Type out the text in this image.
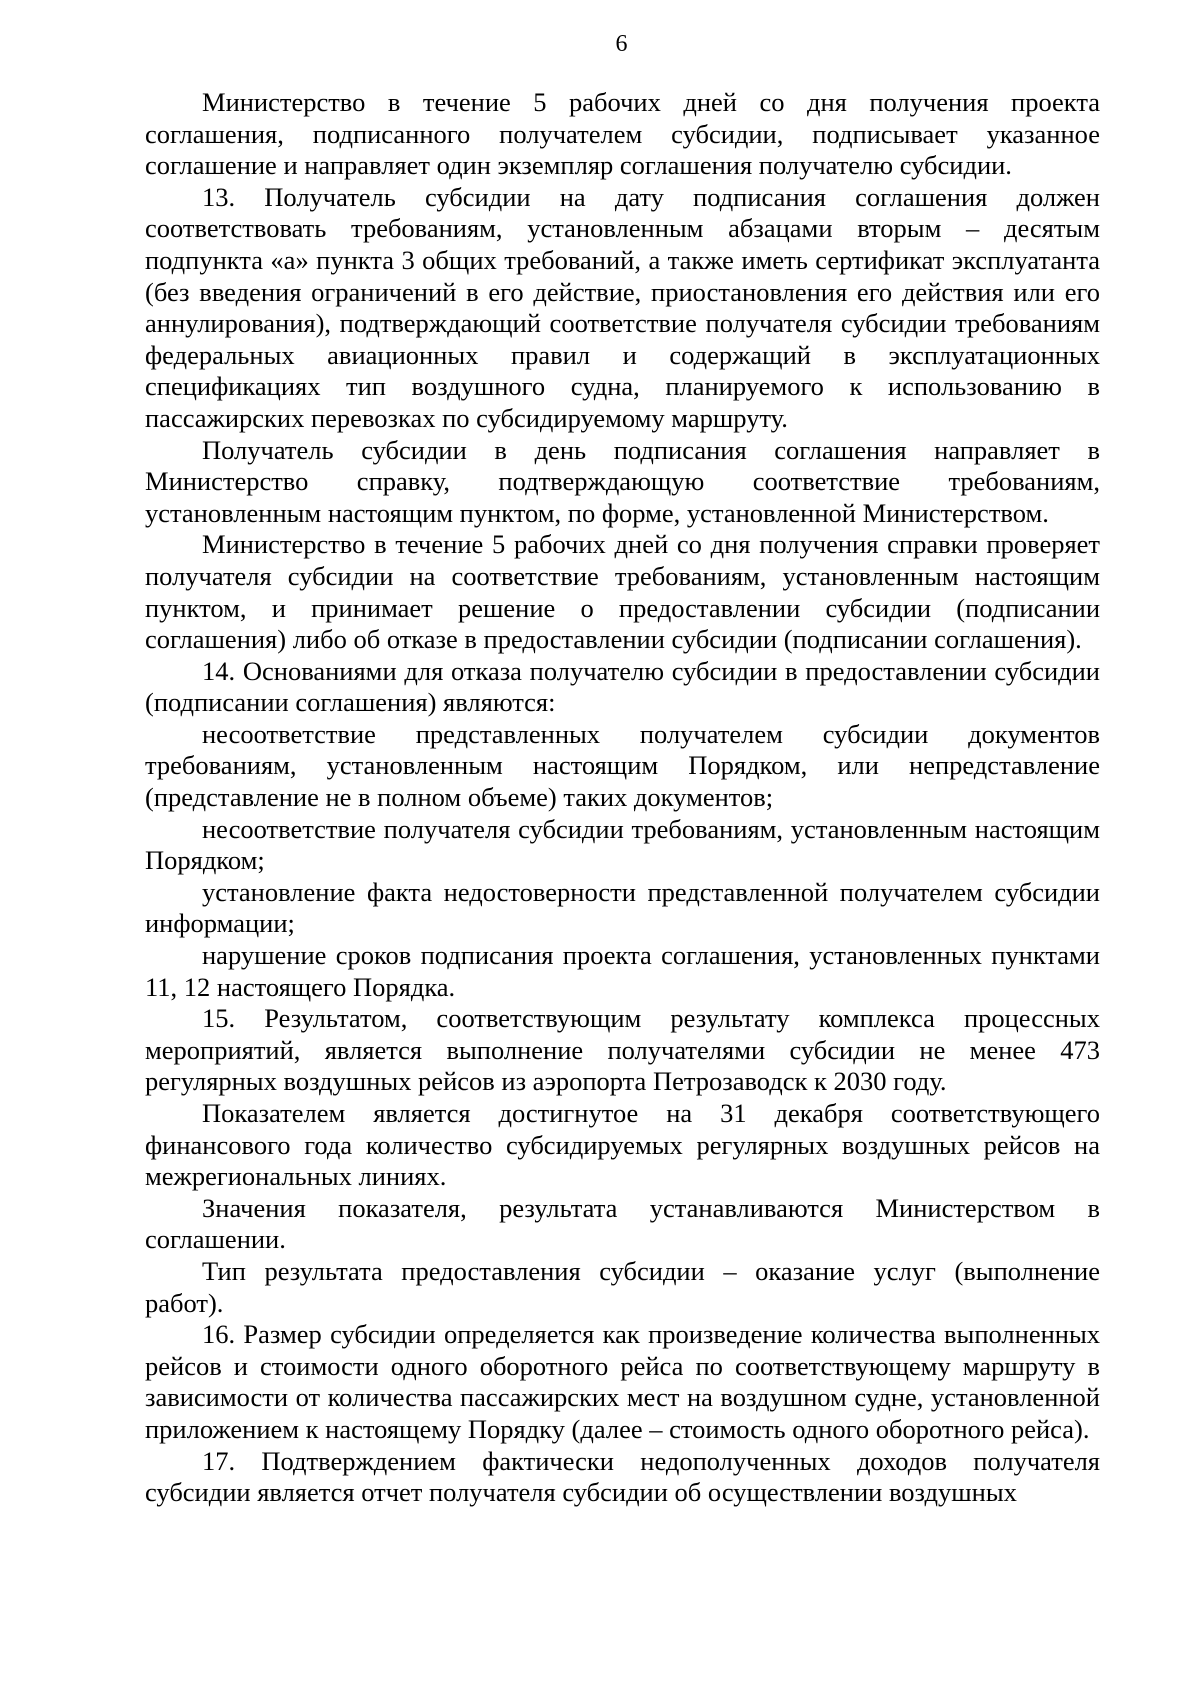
6

Министерство в течение 5 рабочих дней со дня получения проекта соглашения, подписанного получателем субсидии, подписывает указанное соглашение и направляет один экземпляр соглашения получателю субсидии.

13. Получатель субсидии на дату подписания соглашения должен соответствовать требованиям, установленным абзацами вторым – десятым подпункта «а» пункта 3 общих требований, а также иметь сертификат эксплуатанта (без введения ограничений в его действие, приостановления его действия или его аннулирования), подтверждающий соответствие получателя субсидии требованиям федеральных авиационных правил и содержащий в эксплуатационных спецификациях тип воздушного судна, планируемого к использованию в пассажирских перевозках по субсидируемому маршруту.

Получатель субсидии в день подписания соглашения направляет в Министерство справку, подтверждающую соответствие требованиям, установленным настоящим пунктом, по форме, установленной Министерством.

Министерство в течение 5 рабочих дней со дня получения справки проверяет получателя субсидии на соответствие требованиям, установленным настоящим пунктом, и принимает решение о предоставлении субсидии (подписании соглашения) либо об отказе в предоставлении субсидии (подписании соглашения).

14. Основаниями для отказа получателю субсидии в предоставлении субсидии (подписании соглашения) являются:

несоответствие представленных получателем субсидии документов требованиям, установленным настоящим Порядком, или непредставление (представление не в полном объеме) таких документов;

несоответствие получателя субсидии требованиям, установленным настоящим Порядком;

установление факта недостоверности представленной получателем субсидии информации;

нарушение сроков подписания проекта соглашения, установленных пунктами 11, 12 настоящего Порядка.

15. Результатом, соответствующим результату комплекса процессных мероприятий, является выполнение получателями субсидии не менее 473 регулярных воздушных рейсов из аэропорта Петрозаводск к 2030 году.

Показателем является достигнутое на 31 декабря соответствующего финансового года количество субсидируемых регулярных воздушных рейсов на межрегиональных линиях.

Значения показателя, результата устанавливаются Министерством в соглашении.

Тип результата предоставления субсидии – оказание услуг (выполнение работ).

16. Размер субсидии определяется как произведение количества выполненных рейсов и стоимости одного оборотного рейса по соответствующему маршруту в зависимости от количества пассажирских мест на воздушном судне, установленной приложением к настоящему Порядку (далее – стоимость одного оборотного рейса).

17. Подтверждением фактически недополученных доходов получателя субсидии является отчет получателя субсидии об осуществлении воздушных
